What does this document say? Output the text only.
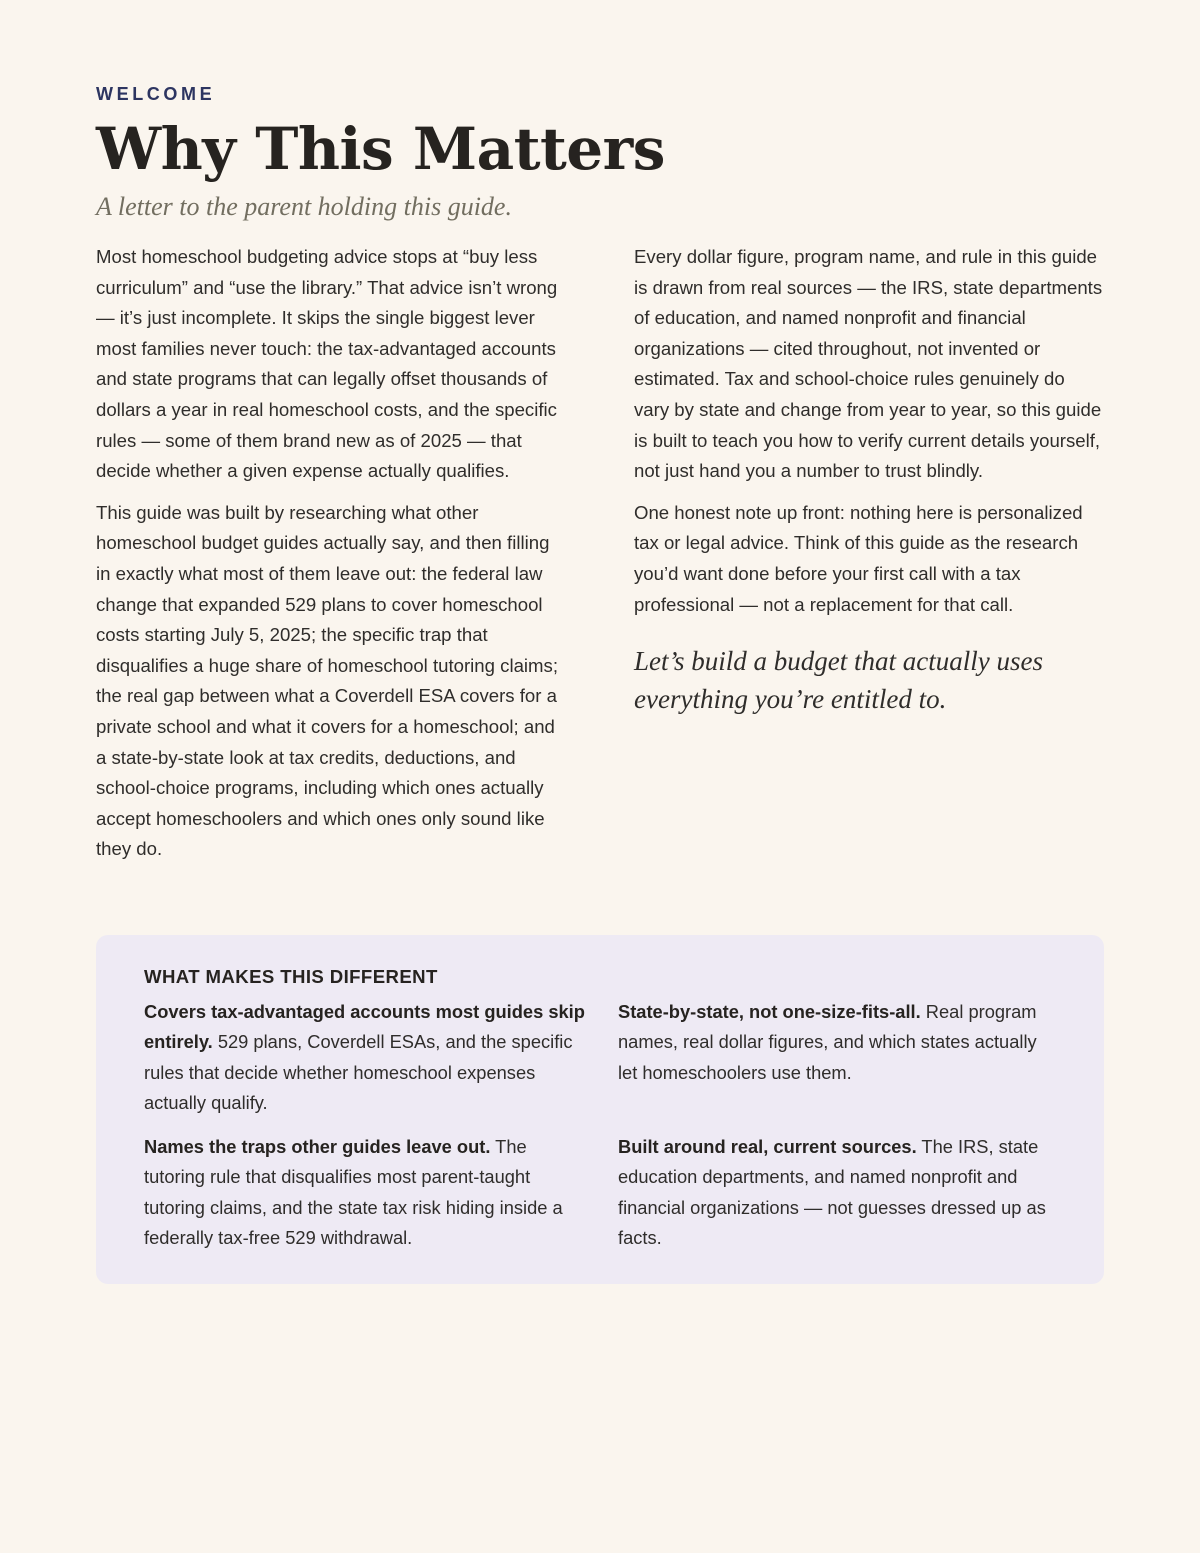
WELCOME
Why This Matters
A letter to the parent holding this guide.

Most homeschool budgeting advice stops at “buy less curriculum” and “use the library.” That advice isn’t wrong — it’s just incomplete. It skips the single biggest lever most families never touch: the tax-advantaged accounts and state programs that can legally offset thousands of dollars a year in real homeschool costs, and the specific rules — some of them brand new as of 2025 — that decide whether a given expense actually qualifies.

This guide was built by researching what other homeschool budget guides actually say, and then filling in exactly what most of them leave out: the federal law change that expanded 529 plans to cover homeschool costs starting July 5, 2025; the specific trap that disqualifies a huge share of homeschool tutoring claims; the real gap between what a Coverdell ESA covers for a private school and what it covers for a homeschool; and a state-by-state look at tax credits, deductions, and school-choice programs, including which ones actually accept homeschoolers and which ones only sound like they do.

Every dollar figure, program name, and rule in this guide is drawn from real sources — the IRS, state departments of education, and named nonprofit and financial organizations — cited throughout, not invented or estimated. Tax and school-choice rules genuinely do vary by state and change from year to year, so this guide is built to teach you how to verify current details yourself, not just hand you a number to trust blindly.

One honest note up front: nothing here is personalized tax or legal advice. Think of this guide as the research you’d want done before your first call with a tax professional — not a replacement for that call.

Let’s build a budget that actually uses everything you’re entitled to.
WHAT MAKES THIS DIFFERENT
Covers tax-advantaged accounts most guides skip entirely. 529 plans, Coverdell ESAs, and the specific rules that decide whether homeschool expenses actually qualify.
State-by-state, not one-size-fits-all. Real program names, real dollar figures, and which states actually let homeschoolers use them.
Names the traps other guides leave out. The tutoring rule that disqualifies most parent-taught tutoring claims, and the state tax risk hiding inside a federally tax-free 529 withdrawal.
Built around real, current sources. The IRS, state education departments, and named nonprofit and financial organizations — not guesses dressed up as facts.
